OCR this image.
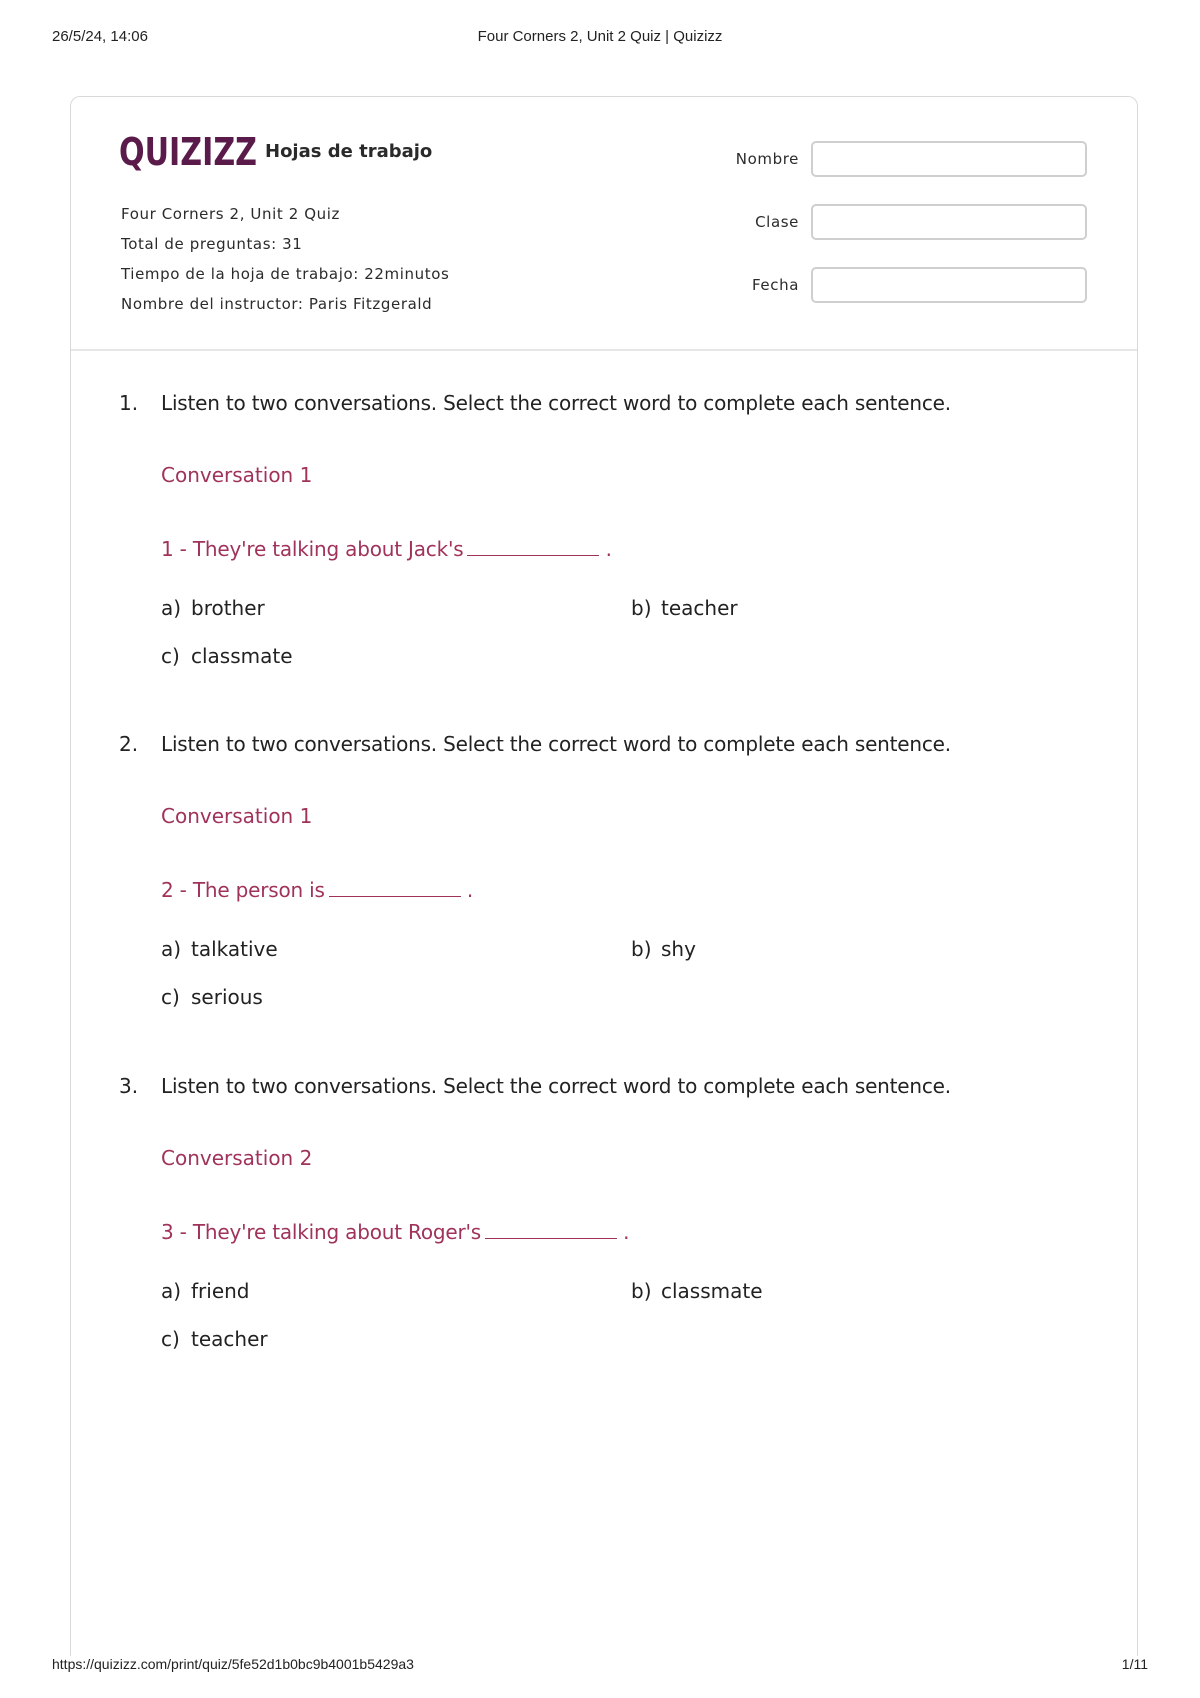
26/5/24, 14:06	Four Corners 2, Unit 2 Quiz | Quizizz
QUIZIZZ Hojas de trabajo
Four Corners 2, Unit 2 Quiz
Total de preguntas: 31
Tiempo de la hoja de trabajo: 22minutos
Nombre del instructor: Paris Fitzgerald
Nombre
Clase
Fecha
1. Listen to two conversations. Select the correct word to complete each sentence.
Conversation 1
1 - They're talking about Jack's	.
a) brother	b) teacher
c) classmate
2. Listen to two conversations. Select the correct word to complete each sentence.
Conversation 1
2 - The person is	.
a) talkative	b) shy
c) serious
3. Listen to two conversations. Select the correct word to complete each sentence.
Conversation 2
3 - They're talking about Roger's	.
a) friend	b) classmate
c) teacher
https://quizizz.com/print/quiz/5fe52d1b0bc9b4001b5429a3	1/11
